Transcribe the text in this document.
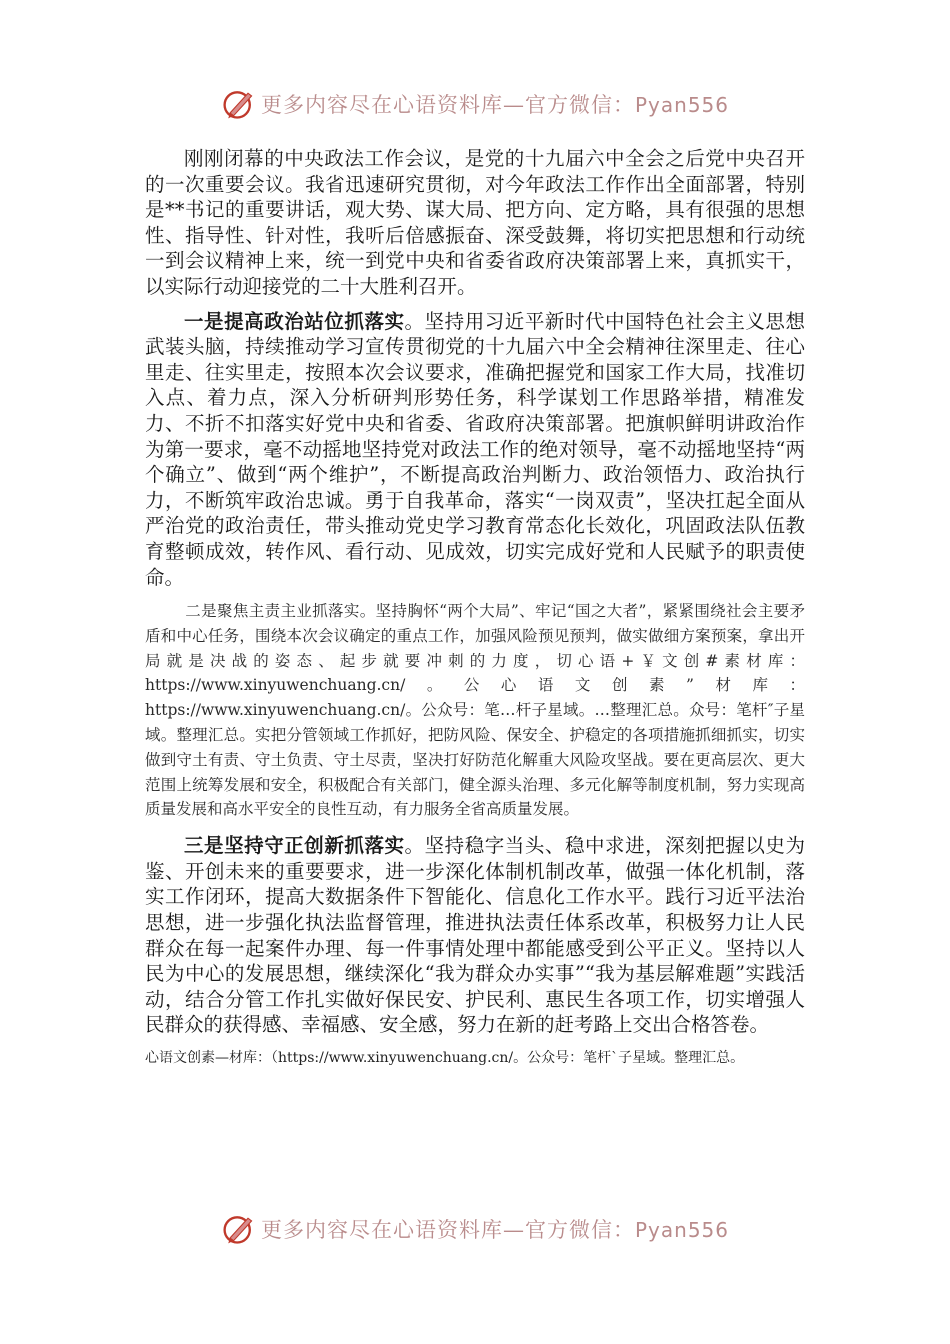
更多内容尽在心语资料库—官方微信：Pyan556

刚刚闭幕的中央政法工作会议，是党的十九届六中全会之后党中央召开的一次重要会议。我省迅速研究贯彻，对今年政法工作作出全面部署，特别是**书记的重要讲话，观大势、谋大局、把方向、定方略，具有很强的思想性、指导性、针对性，我听后倍感振奋、深受鼓舞，将切实把思想和行动统一到会议精神上来，统一到党中央和省委省政府决策部署上来，真抓实干，以实际行动迎接党的二十大胜利召开。

一是提高政治站位抓落实。坚持用习近平新时代中国特色社会主义思想武装头脑，持续推动学习宣传贯彻党的十九届六中全会精神往深里走、往心里走、往实里走，按照本次会议要求，准确把握党和国家工作大局，找准切入点、着力点，深入分析研判形势任务，科学谋划工作思路举措，精准发力、不折不扣落实好党中央和省委、省政府决策部署。把旗帜鲜明讲政治作为第一要求，毫不动摇地坚持党对政法工作的绝对领导，毫不动摇地坚持“两个确立”、做到“两个维护”，不断提高政治判断力、政治领悟力、政治执行力，不断筑牢政治忠诚。勇于自我革命，落实“一岗双责”，坚决扛起全面从严治党的政治责任，带头推动党史学习教育常态化长效化，巩固政法队伍教育整顿成效，转作风、看行动、见成效，切实完成好党和人民赋予的职责使命。

二是聚焦主责主业抓落实。坚持胸怀“两个大局”、牢记“国之大者”，紧紧围绕社会主要矛盾和中心任务，围绕本次会议确定的重点工作，加强风险预见预判，做实做细方案预案，拿出开局就是决战的姿态、起步就要冲刺的力度，切心语+￥文创#素材库：https://www.xinyuwenchuang.cn/。公心语文创素”材库：https://www.xinyuwenchuang.cn/。公众号：笔…杆子星域。…整理汇总。众号：笔杆″子星域。整理汇总。实把分管领域工作抓好，把防风险、保安全、护稳定的各项措施抓细抓实，切实做到守土有责、守土负责、守土尽责，坚决打好防范化解重大风险攻坚战。要在更高层次、更大范围上统筹发展和安全，积极配合有关部门，健全源头治理、多元化解等制度机制，努力实现高质量发展和高水平安全的良性互动，有力服务全省高质量发展。

三是坚持守正创新抓落实。坚持稳字当头、稳中求进，深刻把握以史为鉴、开创未来的重要要求，进一步深化体制机制改革，做强一体化机制，落实工作闭环，提高大数据条件下智能化、信息化工作水平。践行习近平法治思想，进一步强化执法监督管理，推进执法责任体系改革，积极努力让人民群众在每一起案件办理、每一件事情处理中都能感受到公平正义。坚持以人民为中心的发展思想，继续深化“我为群众办实事”“我为基层解难题”实践活动，结合分管工作扎实做好保民安、护民利、惠民生各项工作，切实增强人民群众的获得感、幸福感、安全感，努力在新的赶考路上交出合格答卷。

心语文创素—材库：（https://www.xinyuwenchuang.cn/。公众号：笔杆`子星域。整理汇总。

更多内容尽在心语资料库—官方微信：Pyan556
